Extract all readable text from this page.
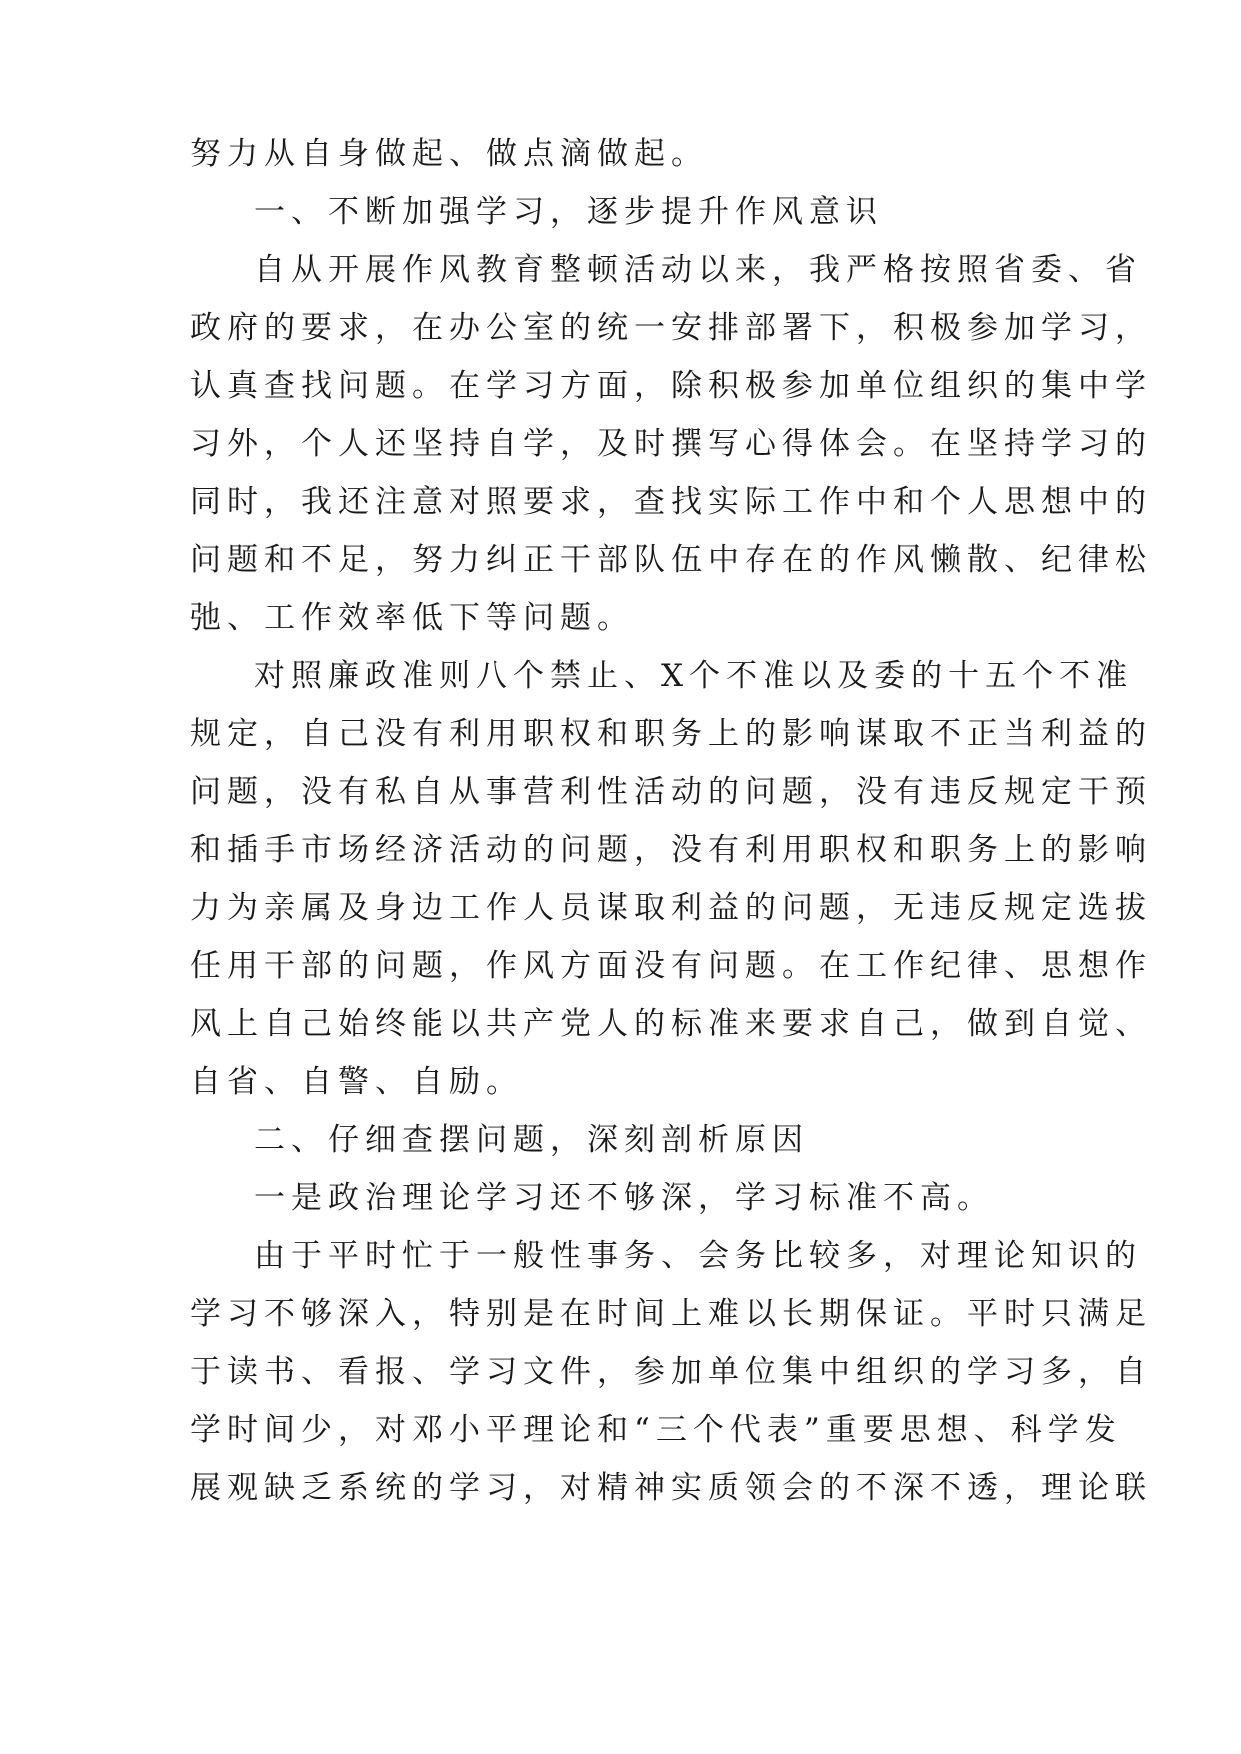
努力从自身做起、做点滴做起。
一、不断加强学习，逐步提升作风意识
自从开展作风教育整顿活动以来，我严格按照省委、省
政府的要求，在办公室的统一安排部署下，积极参加学习，
认真查找问题。在学习方面，除积极参加单位组织的集中学
习外，个人还坚持自学，及时撰写心得体会。在坚持学习的
同时，我还注意对照要求，查找实际工作中和个人思想中的
问题和不足，努力纠正干部队伍中存在的作风懒散、纪律松
弛、工作效率低下等问题。
对照廉政准则八个禁止、X个不准以及委的十五个不准
规定，自己没有利用职权和职务上的影响谋取不正当利益的
问题，没有私自从事营利性活动的问题，没有违反规定干预
和插手市场经济活动的问题，没有利用职权和职务上的影响
力为亲属及身边工作人员谋取利益的问题，无违反规定选拔
任用干部的问题，作风方面没有问题。在工作纪律、思想作
风上自己始终能以共产党人的标准来要求自己，做到自觉、
自省、自警、自励。
二、仔细查摆问题，深刻剖析原因
一是政治理论学习还不够深，学习标准不高。
由于平时忙于一般性事务、会务比较多，对理论知识的
学习不够深入，特别是在时间上难以长期保证。平时只满足
于读书、看报、学习文件，参加单位集中组织的学习多，自
学时间少，对邓小平理论和“三个代表”重要思想、科学发
展观缺乏系统的学习，对精神实质领会的不深不透，理论联
